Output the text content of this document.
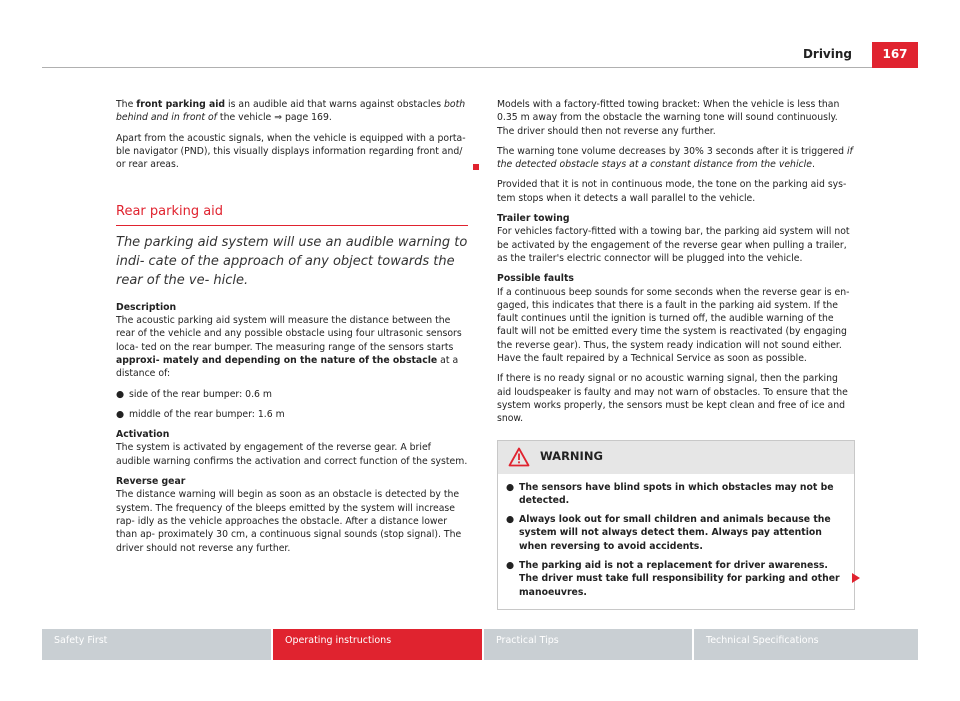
Driving	167

The front parking aid is an audible aid that warns against obstacles both behind and in front of the vehicle ⇒ page 169.

Apart from the acoustic signals, when the vehicle is equipped with a porta- ble navigator (PND), this visually displays information regarding front and/ or rear areas.

Rear parking aid
The parking aid system will use an audible warning to indi- cate of the approach of any object towards the rear of the ve- hicle.
Description

The acoustic parking aid system will measure the distance between the rear of the vehicle and any possible obstacle using four ultrasonic sensors loca- ted on the rear bumper. The measuring range of the sensors starts approxi- mately and depending on the nature of the obstacle at a distance of:

● side of the rear bumper: 0.6 m
● middle of the rear bumper: 1.6 m
Activation

The system is activated by engagement of the reverse gear. A brief audible warning confirms the activation and correct function of the system.

Reverse gear

The distance warning will begin as soon as an obstacle is detected by the system. The frequency of the bleeps emitted by the system will increase rap- idly as the vehicle approaches the obstacle. After a distance lower than ap- proximately 30 cm, a continuous signal sounds (stop signal). The driver should not reverse any further.

Models with a factory-fitted towing bracket: When the vehicle is less than 0.35 m away from the obstacle the warning tone will sound continuously. The driver should then not reverse any further.

The warning tone volume decreases by 30% 3 seconds after it is triggered if the detected obstacle stays at a constant distance from the vehicle.

Provided that it is not in continuous mode, the tone on the parking aid sys- tem stops when it detects a wall parallel to the vehicle.

Trailer towing

For vehicles factory-fitted with a towing bar, the parking aid system will not be activated by the engagement of the reverse gear when pulling a trailer, as the trailer's electric connector will be plugged into the vehicle.

Possible faults

If a continuous beep sounds for some seconds when the reverse gear is en- gaged, this indicates that there is a fault in the parking aid system. If the fault continues until the ignition is turned off, the audible warning of the fault will not be emitted every time the system is reactivated (by engaging the reverse gear). Thus, the system ready indication will not sound either. Have the fault repaired by a Technical Service as soon as possible.

If there is no ready signal or no acoustic warning signal, then the parking aid loudspeaker is faulty and may not warn of obstacles. To ensure that the system works properly, the sensors must be kept clean and free of ice and snow.

WARNING
● The sensors have blind spots in which obstacles may not be detected.
● Always look out for small children and animals because the system will not always detect them. Always pay attention when reversing to avoid accidents.
● The parking aid is not a replacement for driver awareness. The driver must take full responsibility for parking and other manoeuvres.
Safety First	Operating instructions	Practical Tips	Technical Specifications
